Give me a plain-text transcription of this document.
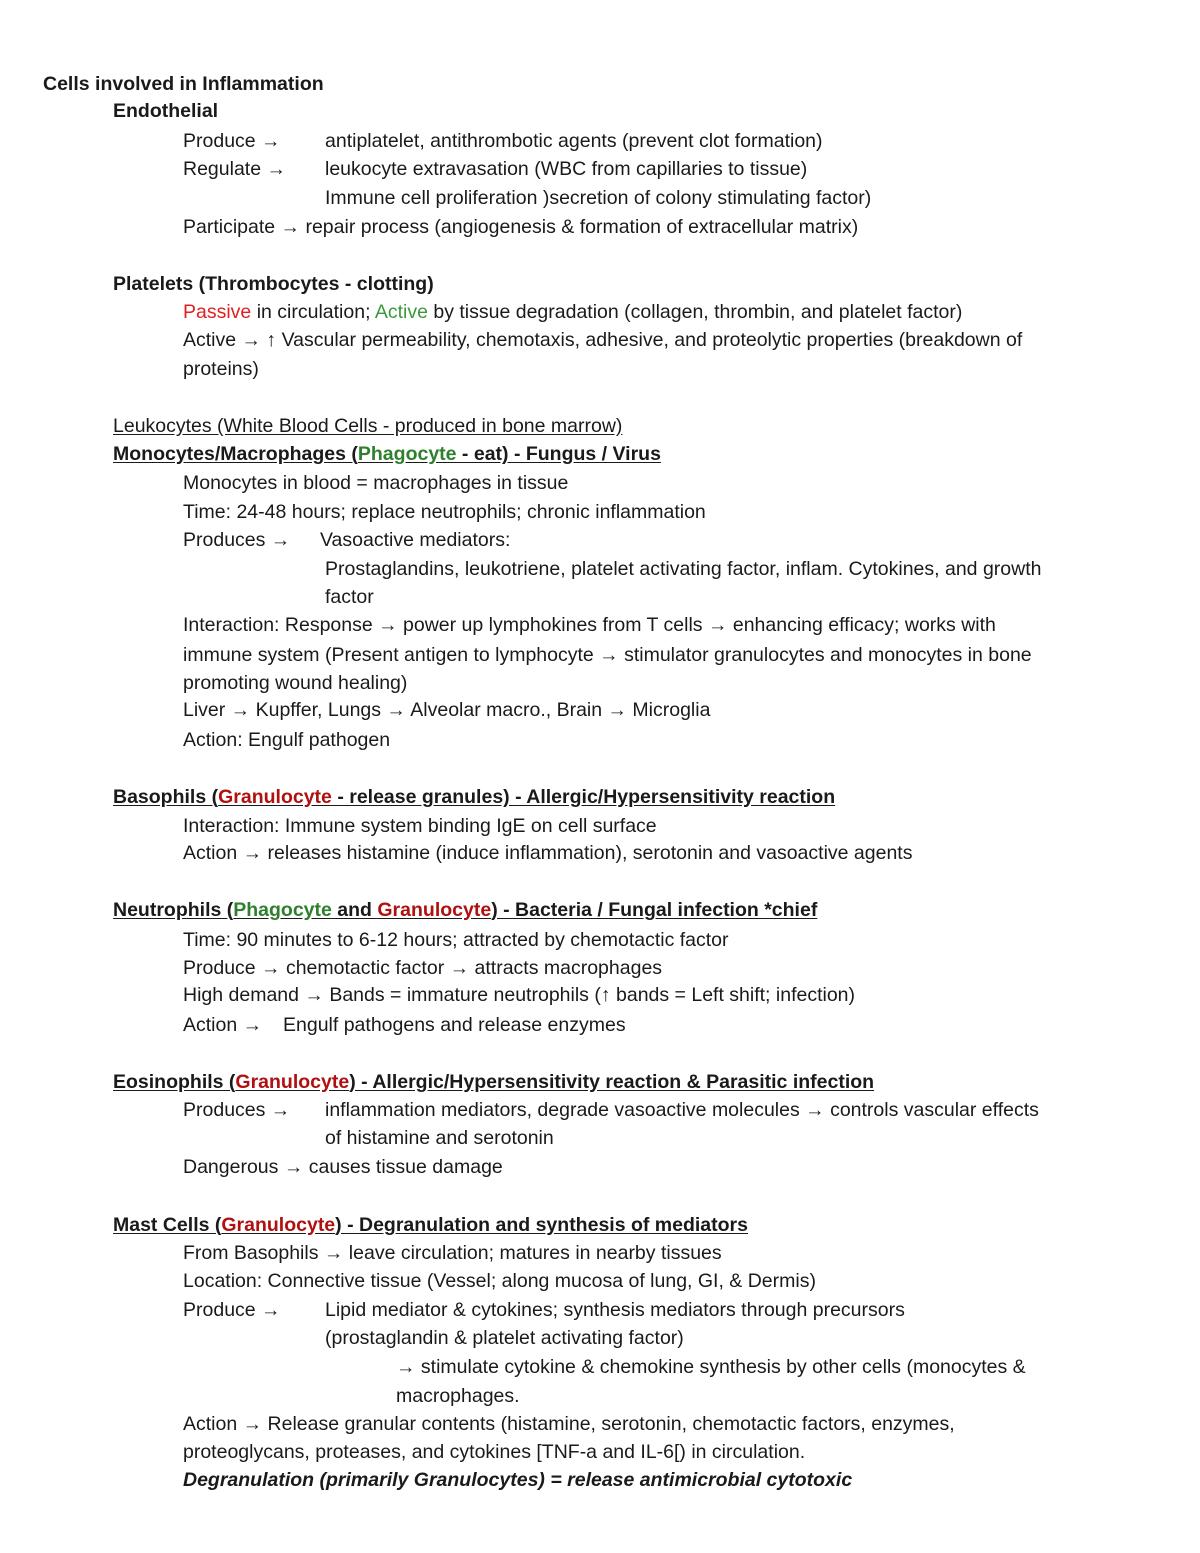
Cells involved in Inflammation
Endothelial
Produce → antiplatelet, antithrombotic agents (prevent clot formation)
Regulate → leukocyte extravasation (WBC from capillaries to tissue)
Immune cell proliferation )secretion of colony stimulating factor)
Participate → repair process (angiogenesis & formation of extracellular matrix)
Platelets (Thrombocytes - clotting)
Passive in circulation; Active by tissue degradation (collagen, thrombin, and platelet factor)
Active → ↑ Vascular permeability, chemotaxis, adhesive, and proteolytic properties (breakdown of
proteins)
Leukocytes (White Blood Cells - produced in bone marrow)
Monocytes/Macrophages (Phagocyte - eat) - Fungus / Virus
Monocytes in blood = macrophages in tissue
Time: 24-48 hours; replace neutrophils; chronic inflammation
Produces → Vasoactive mediators:
Prostaglandins, leukotriene, platelet activating factor, inflam. Cytokines, and growth
factor
Interaction: Response → power up lymphokines from T cells → enhancing efficacy; works with
immune system (Present antigen to lymphocyte → stimulator granulocytes and monocytes in bone
promoting wound healing)
Liver → Kupffer, Lungs → Alveolar macro., Brain → Microglia
Action: Engulf pathogen
Basophils (Granulocyte - release granules) - Allergic/Hypersensitivity reaction
Interaction: Immune system binding IgE on cell surface
Action → releases histamine (induce inflammation), serotonin and vasoactive agents
Neutrophils (Phagocyte and Granulocyte) - Bacteria / Fungal infection *chief
Time: 90 minutes to 6-12 hours; attracted by chemotactic factor
Produce → chemotactic factor → attracts macrophages
High demand → Bands = immature neutrophils (↑ bands = Left shift; infection)
Action → Engulf pathogens and release enzymes
Eosinophils (Granulocyte) - Allergic/Hypersensitivity reaction & Parasitic infection
Produces → inflammation mediators, degrade vasoactive molecules → controls vascular effects
of histamine and serotonin
Dangerous → causes tissue damage
Mast Cells (Granulocyte) - Degranulation and synthesis of mediators
From Basophils → leave circulation; matures in nearby tissues
Location: Connective tissue (Vessel; along mucosa of lung, GI, & Dermis)
Produce → Lipid mediator & cytokines; synthesis mediators through precursors
(prostaglandin & platelet activating factor)
→ stimulate cytokine & chemokine synthesis by other cells (monocytes &
macrophages.
Action → Release granular contents (histamine, serotonin, chemotactic factors, enzymes,
proteoglycans, proteases, and cytokines [TNF-a and IL-6[) in circulation.
Degranulation (primarily Granulocytes) = release antimicrobial cytotoxic
